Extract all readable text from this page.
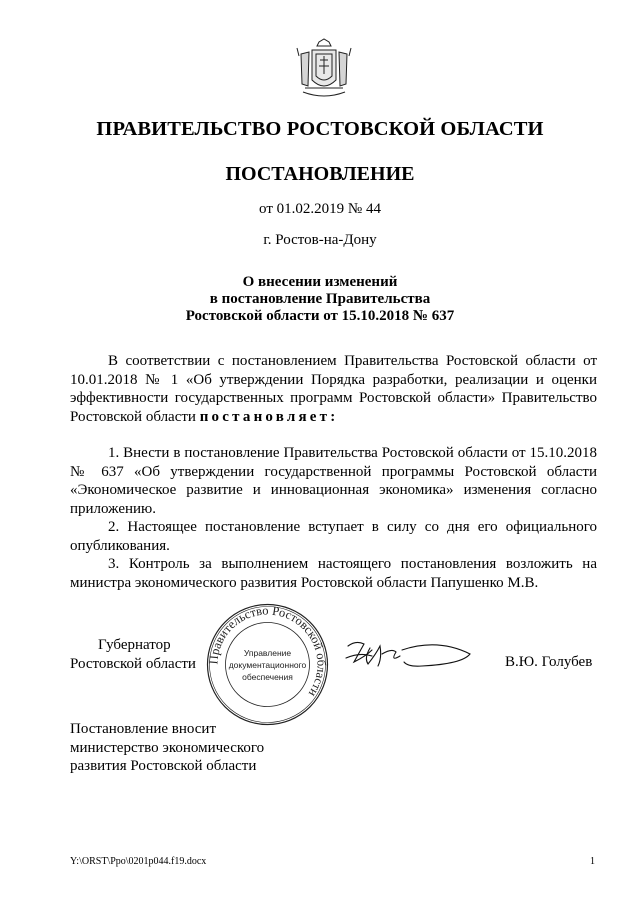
ПРАВИТЕЛЬСТВО РОСТОВСКОЙ ОБЛАСТИ
ПОСТАНОВЛЕНИЕ
от 01.02.2019 № 44
г. Ростов-на-Дону
О внесении изменений
в постановление Правительства
Ростовской области от 15.10.2018 № 637
В соответствии с постановлением Правительства Ростовской области от 10.01.2018 № 1 «Об утверждении Порядка разработки, реализации и оценки эффективности государственных программ Ростовской области» Правительство Ростовской области постановляет:
1. Внести в постановление Правительства Ростовской области от 15.10.2018 № 637 «Об утверждении государственной программы Ростовской области «Экономическое развитие и инновационная экономика» изменения согласно приложению.
2. Настоящее постановление вступает в силу со дня его официального опубликования.
3. Контроль за выполнением настоящего постановления возложить на министра экономического развития Ростовской области Папушенко М.В.
Губернатор
Ростовской области Правительство Ростовской области
Управление
документационного
обеспечения
В.Ю. Голубев
Постановление вносит
министерство экономического
развития Ростовской области
Y:\ORST\Ppo\0201p044.f19.docx	1
